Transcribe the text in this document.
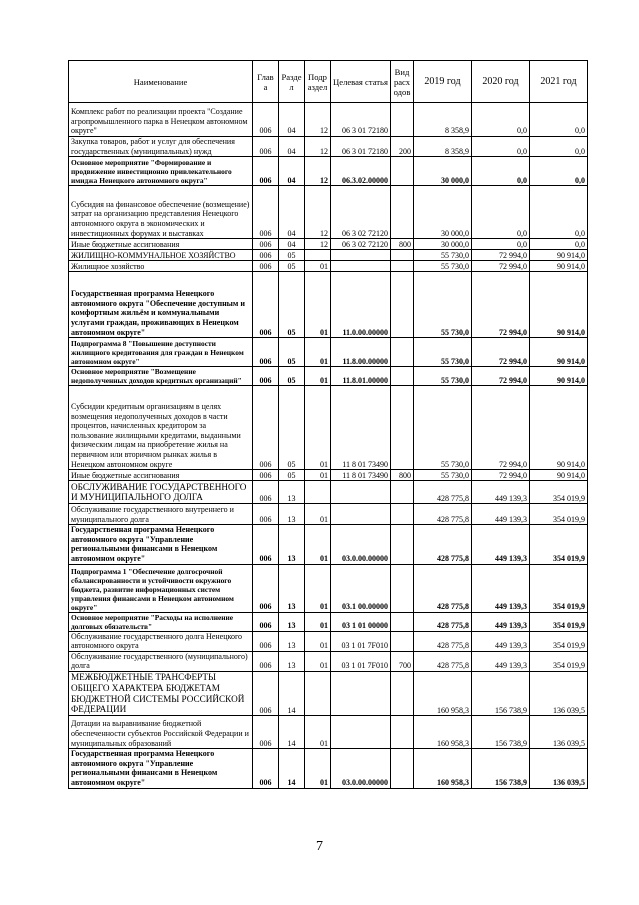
Наименование	Глав а	Разде л	Подр аздел	Целевая статья	Вид расх одов	2019 год	2020 год	2021 год
Комплекс работ по реализации проекта "Создание агропромышленного парка в Ненецком автономном округе"	006	04	12	06 3 01 72180		8 358,9	0,0	0,0
Закупка товаров, работ и услуг для обеспечения государственных (муниципальных) нужд	006	04	12	06 3 01 72180	200	8 358,9	0,0	0,0
Основное мероприятие "Формирование и продвижение инвестиционно привлекательного имиджа Ненецкого автономного округа"	006	04	12	06.3.02.00000		30 000,0	0,0	0,0
Субсидия на финансовое обеспечение (возмещение) затрат на организацию представления Ненецкого автономного округа в экономических и инвестиционных форумах и выставках	006	04	12	06 3 02 72120		30 000,0	0,0	0,0
Иные бюджетные ассигнования	006	04	12	06 3 02 72120	800	30 000,0	0,0	0,0
ЖИЛИЩНО-КОММУНАЛЬНОЕ ХОЗЯЙСТВО	006	05				55 730,0	72 994,0	90 914,0
Жилищное хозяйство	006	05	01			55 730,0	72 994,0	90 914,0
Государственная программа Ненецкого автономного округа "Обеспечение доступным и комфортным жильём и коммунальными услугами граждан, проживающих в Ненецком автономном округе"	006	05	01	11.0.00.00000		55 730,0	72 994,0	90 914,0
Подпрограмма 8 "Повышение доступности жилищного кредитования для граждан в Ненецком автономном округе"	006	05	01	11.8.00.00000		55 730,0	72 994,0	90 914,0
Основное мероприятие "Возмещение недополученных доходов кредитных организаций"	006	05	01	11.8.01.00000		55 730,0	72 994,0	90 914,0
Субсидии кредитным организациям в целях возмещения недополученных доходов в части процентов, начисленных кредитором за пользование жилищными кредитами, выданными физическим лицам на приобретение жилья на первичном или вторичном рынках жилья в Ненецком автономном округе	006	05	01	11 8 01 73490		55 730,0	72 994,0	90 914,0
Иные бюджетные ассигнования	006	05	01	11 8 01 73490	800	55 730,0	72 994,0	90 914,0
ОБСЛУЖИВАНИЕ ГОСУДАРСТВЕННОГО И МУНИЦИПАЛЬНОГО ДОЛГА	006	13				428 775,8	449 139,3	354 019,9
Обслуживание государственного внутреннего и муниципального долга	006	13	01			428 775,8	449 139,3	354 019,9
Государственная программа Ненецкого автономного округа "Управление региональными финансами в Ненецком автономном округе"	006	13	01	03.0.00.00000		428 775,8	449 139,3	354 019,9
Подпрограмма 1 "Обеспечение долгосрочной сбалансированности и устойчивости окружного бюджета, развитие информационных систем управления финансами в Ненецком автономном округе"	006	13	01	03.1 00.00000		428 775,8	449 139,3	354 019,9
Основное мероприятие "Расходы на исполнение долговых обязательств"	006	13	01	03 1 01 00000		428 775,8	449 139,3	354 019,9
Обслуживание государственного долга Ненецкого автономного округа	006	13	01	03 1 01 7F010		428 775,8	449 139,3	354 019,9
Обслуживание государственного (муниципального) долга	006	13	01	03 1 01 7F010	700	428 775,8	449 139,3	354 019,9
МЕЖБЮДЖЕТНЫЕ ТРАНСФЕРТЫ ОБЩЕГО ХАРАКТЕРА БЮДЖЕТАМ БЮДЖЕТНОЙ СИСТЕМЫ РОССИЙСКОЙ ФЕДЕРАЦИИ	006	14				160 958,3	156 738,9	136 039,5
Дотации на выравнивание бюджетной обеспеченности субъектов Российской Федерации и муниципальных образований	006	14	01			160 958,3	156 738,9	136 039,5
Государственная программа Ненецкого автономного округа "Управление региональными финансами в Ненецком автономном округе"	006	14	01	03.0.00.00000		160 958,3	156 738,9	136 039,5
7
